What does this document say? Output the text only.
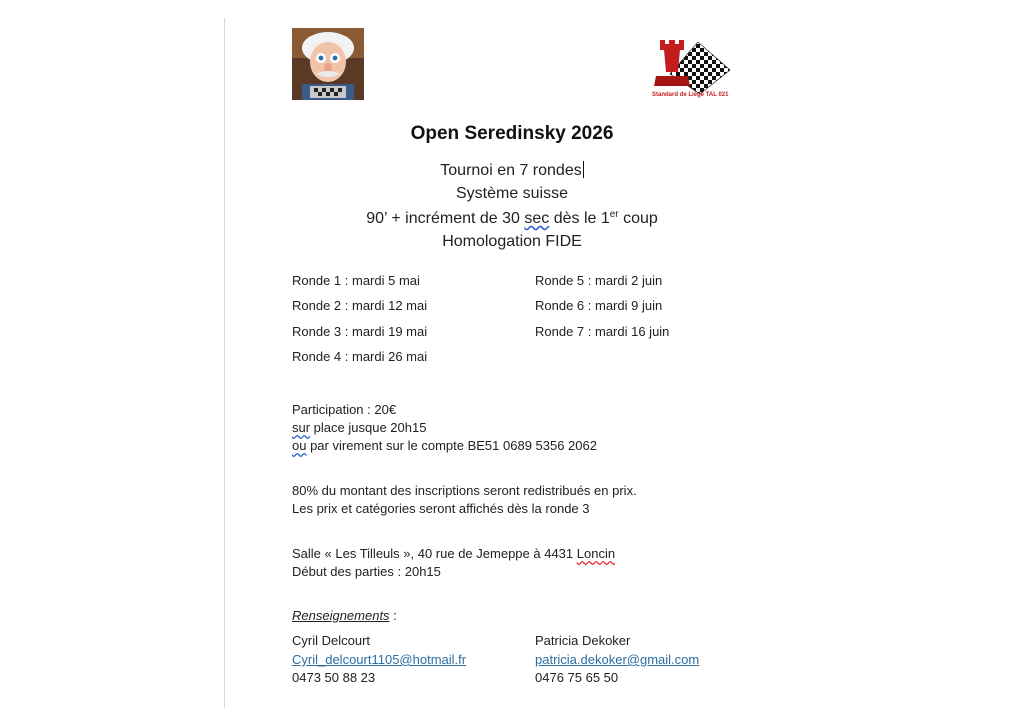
Standard de Liège TAL 021
Open Seredinsky 2026
Tournoi en 7 rondes
Système suisse
90’ + incrément de 30 sec dès le 1er coup
Homologation FIDE
Ronde 1 : mardi 5 mai
Ronde 2 : mardi 12 mai
Ronde 3 : mardi 19 mai
Ronde 4 : mardi 26 mai
Ronde 5 : mardi 2 juin
Ronde 6 : mardi 9 juin
Ronde 7 : mardi 16 juin
Participation : 20€
sur place jusque 20h15
ou par virement sur le compte BE51 0689 5356 2062
80% du montant des inscriptions seront redistribués en prix.
Les prix et catégories seront affichés dès la ronde 3
Salle « Les Tilleuls », 40 rue de Jemeppe à 4431 Loncin
Début des parties : 20h15
Renseignements :
Cyril Delcourt
Cyril_delcourt1105@hotmail.fr
0473 50 88 23
Patricia Dekoker
patricia.dekoker@gmail.com
0476 75 65 50
